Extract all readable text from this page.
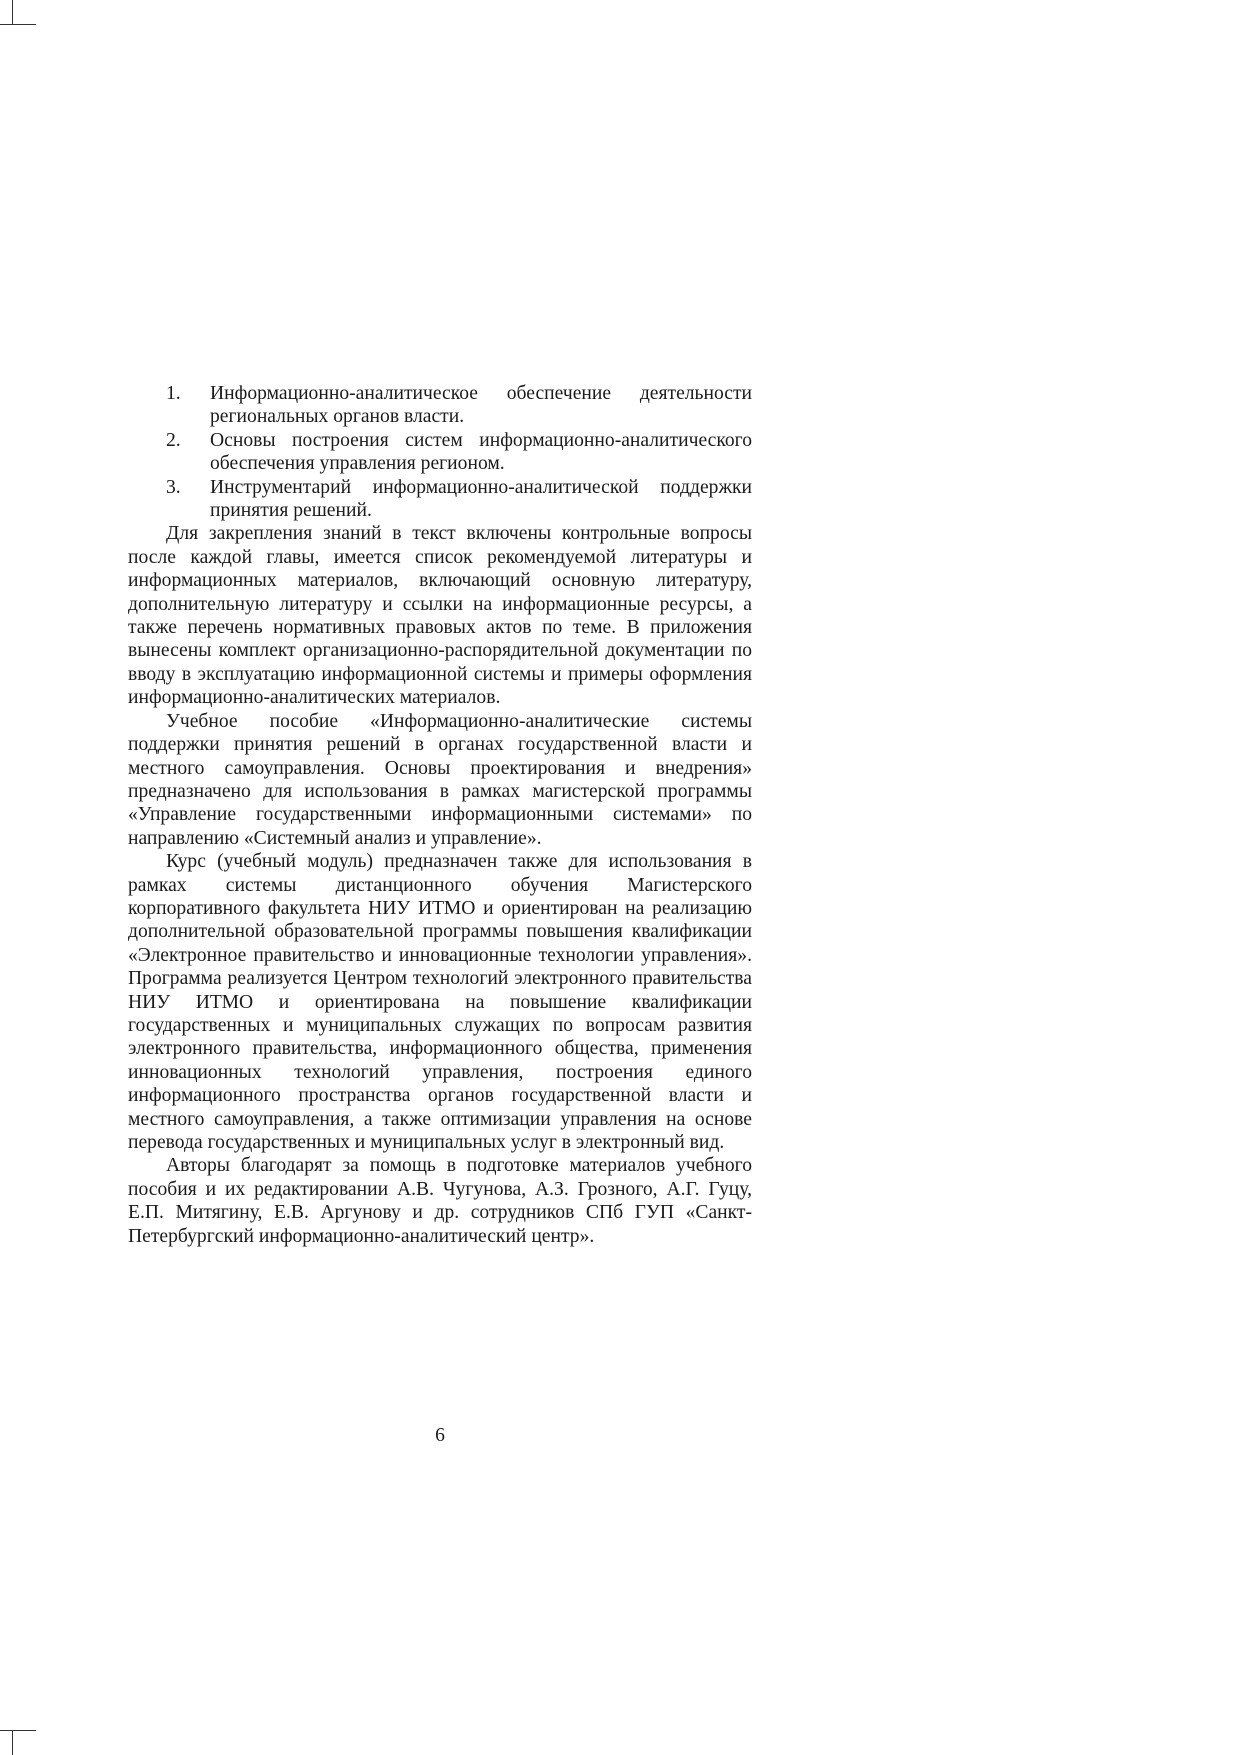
1. Информационно-аналитическое обеспечение деятельности региональных органов власти.
2. Основы построения систем информационно-аналитического обеспечения управления регионом.
3. Инструментарий информационно-аналитической поддержки принятия решений.

Для закрепления знаний в текст включены контрольные вопросы после каждой главы, имеется список рекомендуемой литературы и информационных материалов, включающий основную литературу, дополнительную литературу и ссылки на информационные ресурсы, а также перечень нормативных правовых актов по теме. В приложения вынесены комплект организационно-распорядительной документации по вводу в эксплуатацию информационной системы и примеры оформления информационно-аналитических материалов.

Учебное пособие «Информационно-аналитические системы поддержки принятия решений в органах государственной власти и местного самоуправления. Основы проектирования и внедрения» предназначено для использования в рамках магистерской программы «Управление государственными информационными системами» по направлению «Системный анализ и управление».

Курс (учебный модуль) предназначен также для использования в рамках системы дистанционного обучения Магистерского корпоративного факультета НИУ ИТМО и ориентирован на реализацию дополнительной образовательной программы повышения квалификации «Электронное правительство и инновационные технологии управления». Программа реализуется Центром технологий электронного правительства НИУ ИТМО и ориентирована на повышение квалификации государственных и муниципальных служащих по вопросам развития электронного правительства, информационного общества, применения инновационных технологий управления, построения единого информационного пространства органов государственной власти и местного самоуправления, а также оптимизации управления на основе перевода государственных и муниципальных услуг в электронный вид.

Авторы благодарят за помощь в подготовке материалов учебного пособия и их редактировании А.В. Чугунова, А.З. Грозного, А.Г. Гуцу, Е.П. Митягину, Е.В. Аргунову и др. сотрудников СПб ГУП «Санкт-Петербургский информационно-аналитический центр».

6
